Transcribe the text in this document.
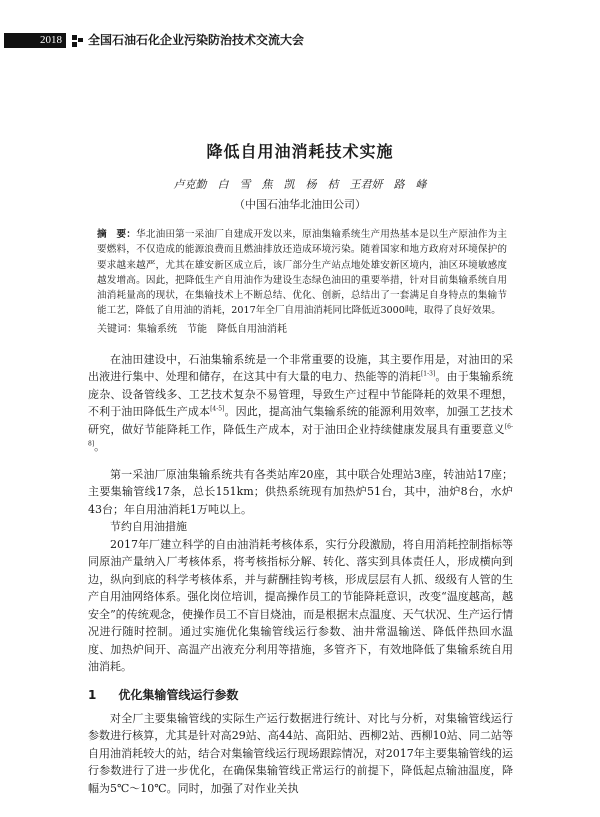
2018	全国石油石化企业污染防治技术交流大会
降低自用油消耗技术实施
卢克勤　白　雪　焦　凯　杨　桔　王君妍　路　峰
（中国石油华北油田公司）
摘　要：华北油田第一采油厂自建成开发以来，原油集输系统生产用热基本是以生产原油作为主要燃料，不仅造成的能源浪费而且燃油排放还造成环境污染。随着国家和地方政府对环境保护的要求越来越严，尤其在雄安新区成立后，该厂部分生产站点地处雄安新区境内，油区环境敏感度越发增高。因此，把降低生产自用油作为建设生态绿色油田的重要举措，针对目前集输系统自用油消耗量高的现状，在集输技术上不断总结、优化、创新，总结出了一套满足自身特点的集输节能工艺，降低了自用油的消耗，2017年全厂自用油消耗同比降低近3000吨，取得了良好效果。
关键词：集输系统　节能　降低自用油消耗
在油田建设中，石油集输系统是一个非常重要的设施，其主要作用是，对油田的采出液进行集中、处理和储存，在这其中有大量的电力、热能等的消耗[1-3]。由于集输系统庞杂、设备管线多、工艺技术复杂不易管理，导致生产过程中节能降耗的效果不理想，不利于油田降低生产成本[4-5]。因此，提高油气集输系统的能源利用效率，加强工艺技术研究，做好节能降耗工作，降低生产成本，对于油田企业持续健康发展具有重要意义[6-8]。
第一采油厂原油集输系统共有各类站库20座，其中联合处理站3座，转油站17座；主要集输管线17条，总长151km；供热系统现有加热炉51台，其中，油炉8台，水炉43台；年自用油消耗1万吨以上。
节约自用油措施
2017年厂建立科学的自由油消耗考核体系，实行分段激励，将自用消耗控制指标等同原油产量纳入厂考核体系，将考核指标分解、转化、落实到具体责任人，形成横向到边，纵向到底的科学考核体系，并与薪酬挂钩考核，形成层层有人抓、级级有人管的生产自用油网络体系。强化岗位培训，提高操作员工的节能降耗意识，改变“温度越高，越安全”的传统观念，使操作员工不盲目烧油，而是根据末点温度、天气状况、生产运行情况进行随时控制。通过实施优化集输管线运行参数、油井常温输送、降低伴热回水温度、加热炉间开、高温产出液充分利用等措施，多管齐下，有效地降低了集输系统自用油消耗。
1 优化集输管线运行参数
对全厂主要集输管线的实际生产运行数据进行统计、对比与分析，对集输管线运行参数进行核算，尤其是针对高29站、高44站、高阳站、西柳2站、西柳10站、同二站等自用油消耗较大的站，结合对集输管线运行现场跟踪情况，对2017年主要集输管线的运行参数进行了进一步优化，在确保集输管线正常运行的前提下，降低起点输油温度，降幅为5℃～10℃。同时，加强了对作业关执
